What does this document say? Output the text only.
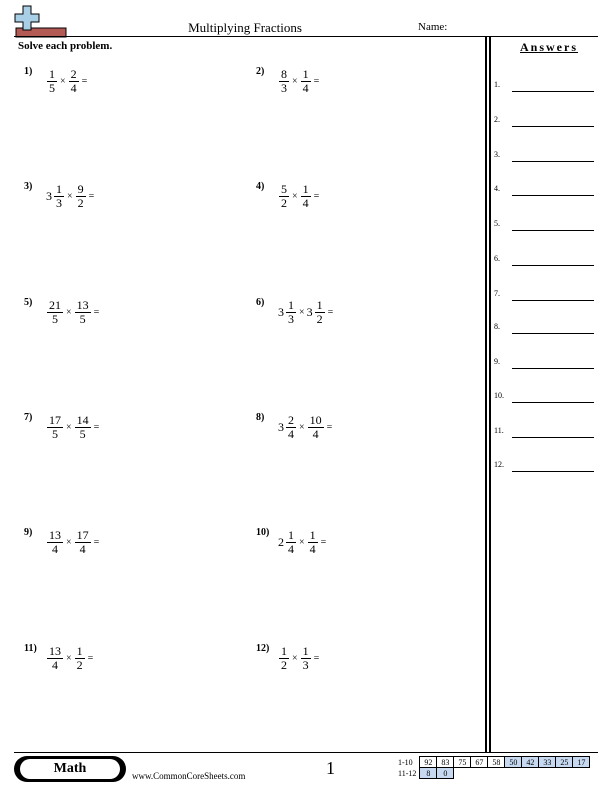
Multiplying Fractions	Name:
Solve each problem.	Answers
1.
2.
3.
4.
5.
6.
7.
8.
9.
10.
11.
12.
$1) \frac{1}{5} \times \frac{2}{4}$ =
$2) \frac{8}{3} \times \frac{1}{4}$ =
3)
$3 \frac{1}{3} \times \frac{9}{2}$ =
$4) \frac{5}{2} \times \frac{1}{4}$ =
$5) \frac{21}{5} \times \frac{13}{5}$ =
6)
$3 \frac{1}{3} \times 3 \frac{1}{2}$ =
$7) \frac{17}{5} \times \frac{14}{5}$ =
8)
$3 \frac{2}{4} \times \frac{10}{4}$ =
$9) \frac{13}{4} \times \frac{17}{4}$ =
10)
$2 \frac{1}{4} \times \frac{1}{4}$ =
$11) \frac{13}{4} \times \frac{1}{2}$ =
$12) \frac{1}{2} \times \frac{1}{3}$ =
Math	www.CommonCoreSheets.com	1	1-10	92	83	75	67	58	50	42	33	25	17
11-12	8	0								
